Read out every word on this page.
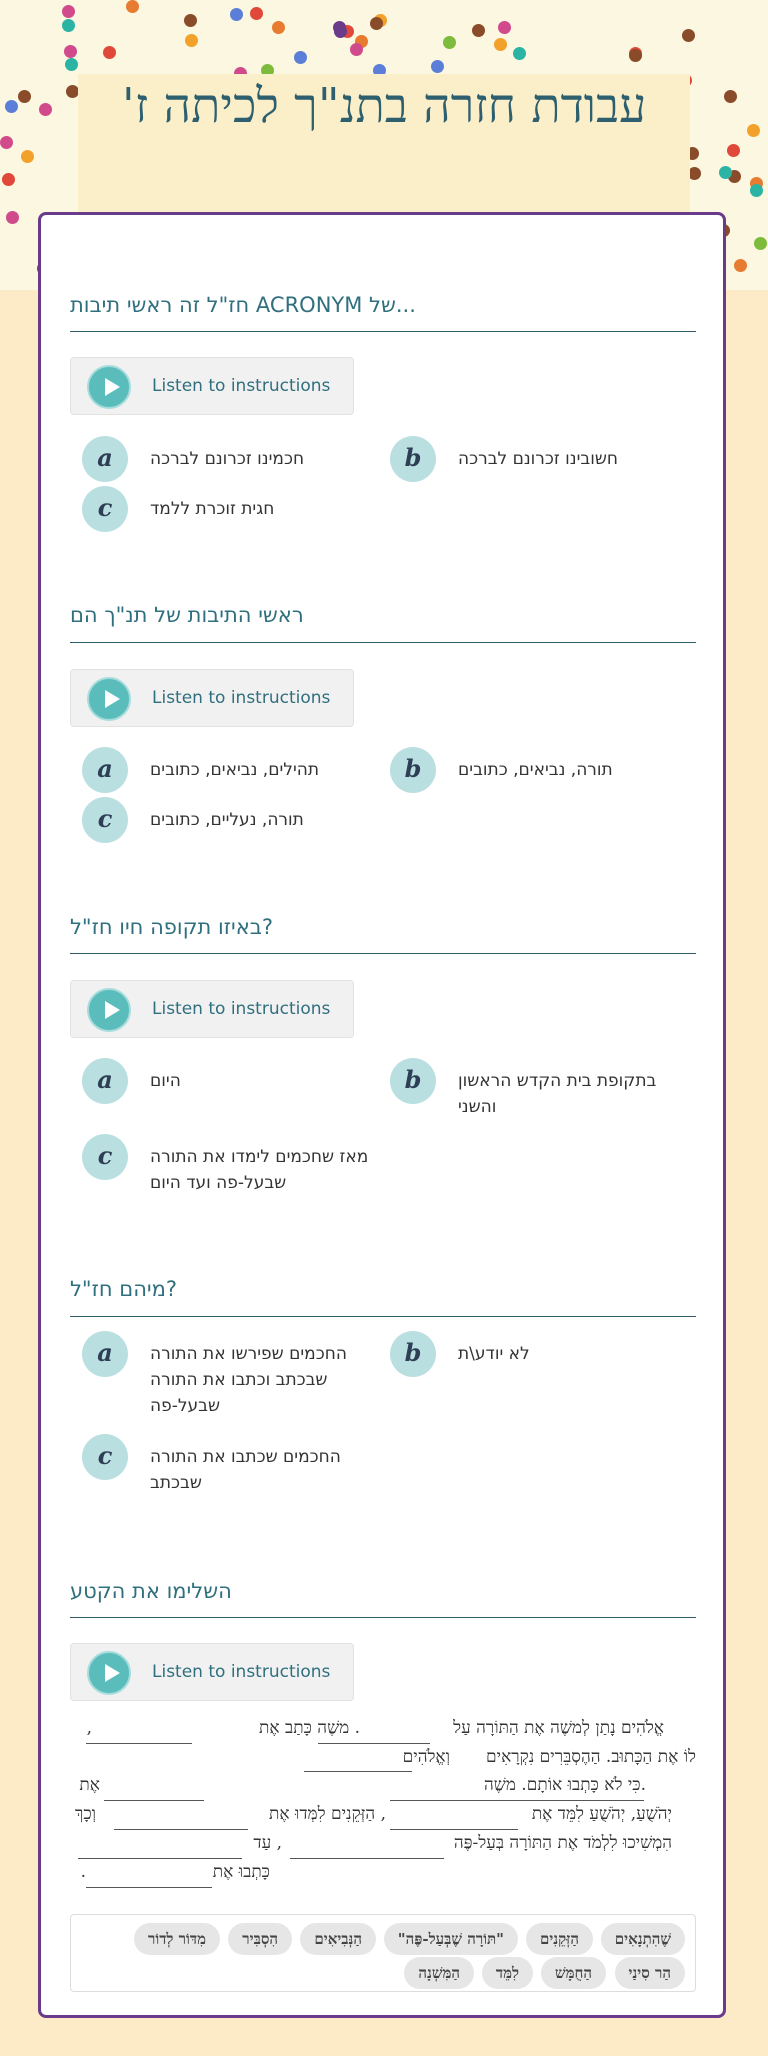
עבודת חזרה בתנ"ך לכיתה ז'
חז"ל זה ראשי תיבות ACRONYM של...
Listen to instructions
a	חכמינו זכרונם לברכה	b	חשובינו זכרונם לברכה
c	חגית זוכרת ללמד
ראשי התיבות של תנ"ך הם
Listen to instructions
a	תהילים, נביאים, כתובים	b	תורה, נביאים, כתובים
c	תורה, נעליים, כתובים
באיזו תקופה חיו חז"ל?
Listen to instructions
a	היום	b	בתקופת בית הקדש הראשון והשני
c	מאז שחכמים לימדו את התורה שבעל-פה ועד היום
מיהם חז"ל?
a	החכמים שפירשו את התורה שבכתב וכתבו את התורה שבעל-פה
b	לא יודע\ת
c	החכמים שכתבו את התורה שבכתב
השלימו את הקטע
Listen to instructions
אֱלֹהִים נָתַן לְמשֶׁה אֶת הַתּוֹרָה עַל
. משֶׁה כָּתַב אֶת
,
וְאֱלֹהִים לוֹ אֶת הַכָּתוּב. הַהֶסְבֵּרִים נִקְרָאִים
.כִּי לֹא כָּתְבוּ אוֹתָם. משֶׁה
אֶת
יְהֹשֻׁעַ, יְהֹשֻׁעַ לִמֵּד אֶת
, הַזְּקֵנִים לִמְּדוּ אֶת
וְכָךְ
הִמְשִׁיכוּ לִלְמֹד אֶת הַתּוֹרָה בְּעַל-פֶּה
, עַד
כָּתְבוּ אֶת
.
שֶׁהִתְנָאִים
הַזְּקֵנִים
"תּוֹרָה שֶׁבְּעַל-פֶּה"
הַנְּבִיאִים
הִסְבִּיר
מִדּוֹר לְדוֹר
הַר סִינַי
הַחֻמָּשׁ
לִמֵּד
הַמִּשְׁנָה
